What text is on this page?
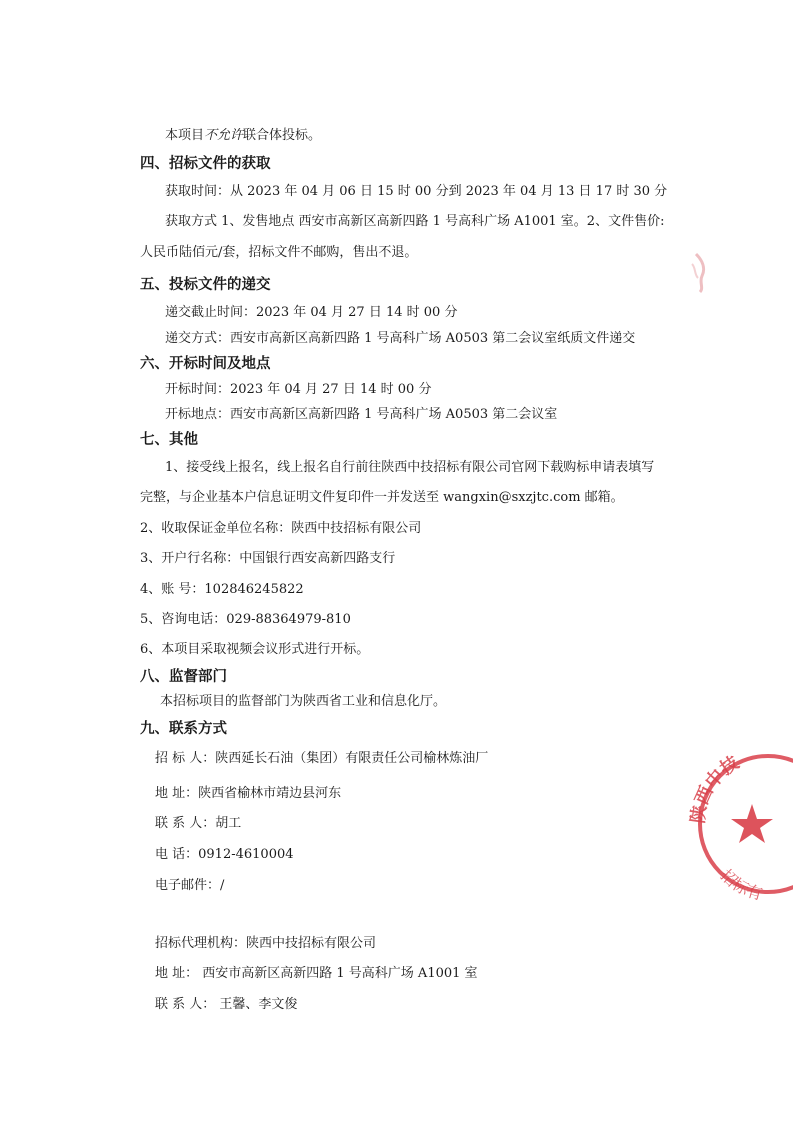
本项目不允许联合体投标。
四、招标文件的获取
获取时间：从 2023 年 04 月 06 日 15 时 00 分到 2023 年 04 月 13 日 17 时 30 分
获取方式 1、发售地点 西安市高新区高新四路 1 号高科广场 A1001 室。2、文件售价:
人民币陆佰元/套，招标文件不邮购，售出不退。
五、投标文件的递交
递交截止时间：2023 年 04 月 27 日 14 时 00 分
递交方式：西安市高新区高新四路 1 号高科广场 A0503 第二会议室纸质文件递交
六、开标时间及地点
开标时间：2023 年 04 月 27 日 14 时 00 分
开标地点：西安市高新区高新四路 1 号高科广场 A0503 第二会议室
七、其他
1、接受线上报名，线上报名自行前往陕西中技招标有限公司官网下载购标申请表填写
完整，与企业基本户信息证明文件复印件一并发送至 wangxin@sxzjtc.com 邮箱。
2、收取保证金单位名称：陕西中技招标有限公司
3、开户行名称：中国银行西安高新四路支行
4、账 号：102846245822
5、咨询电话：029-88364979-810
6、本项目采取视频会议形式进行开标。
八、监督部门
本招标项目的监督部门为陕西省工业和信息化厅。
九、联系方式
招 标 人：陕西延长石油（集团）有限责任公司榆林炼油厂
地 址：陕西省榆林市靖边县河东
联 系 人：胡工
电 话：0912-4610004
电子邮件：/
招标代理机构：陕西中技招标有限公司
地 址： 西安市高新区高新四路 1 号高科广场 A1001 室
联 系 人： 王馨、李文俊
陕西中技
招标有
